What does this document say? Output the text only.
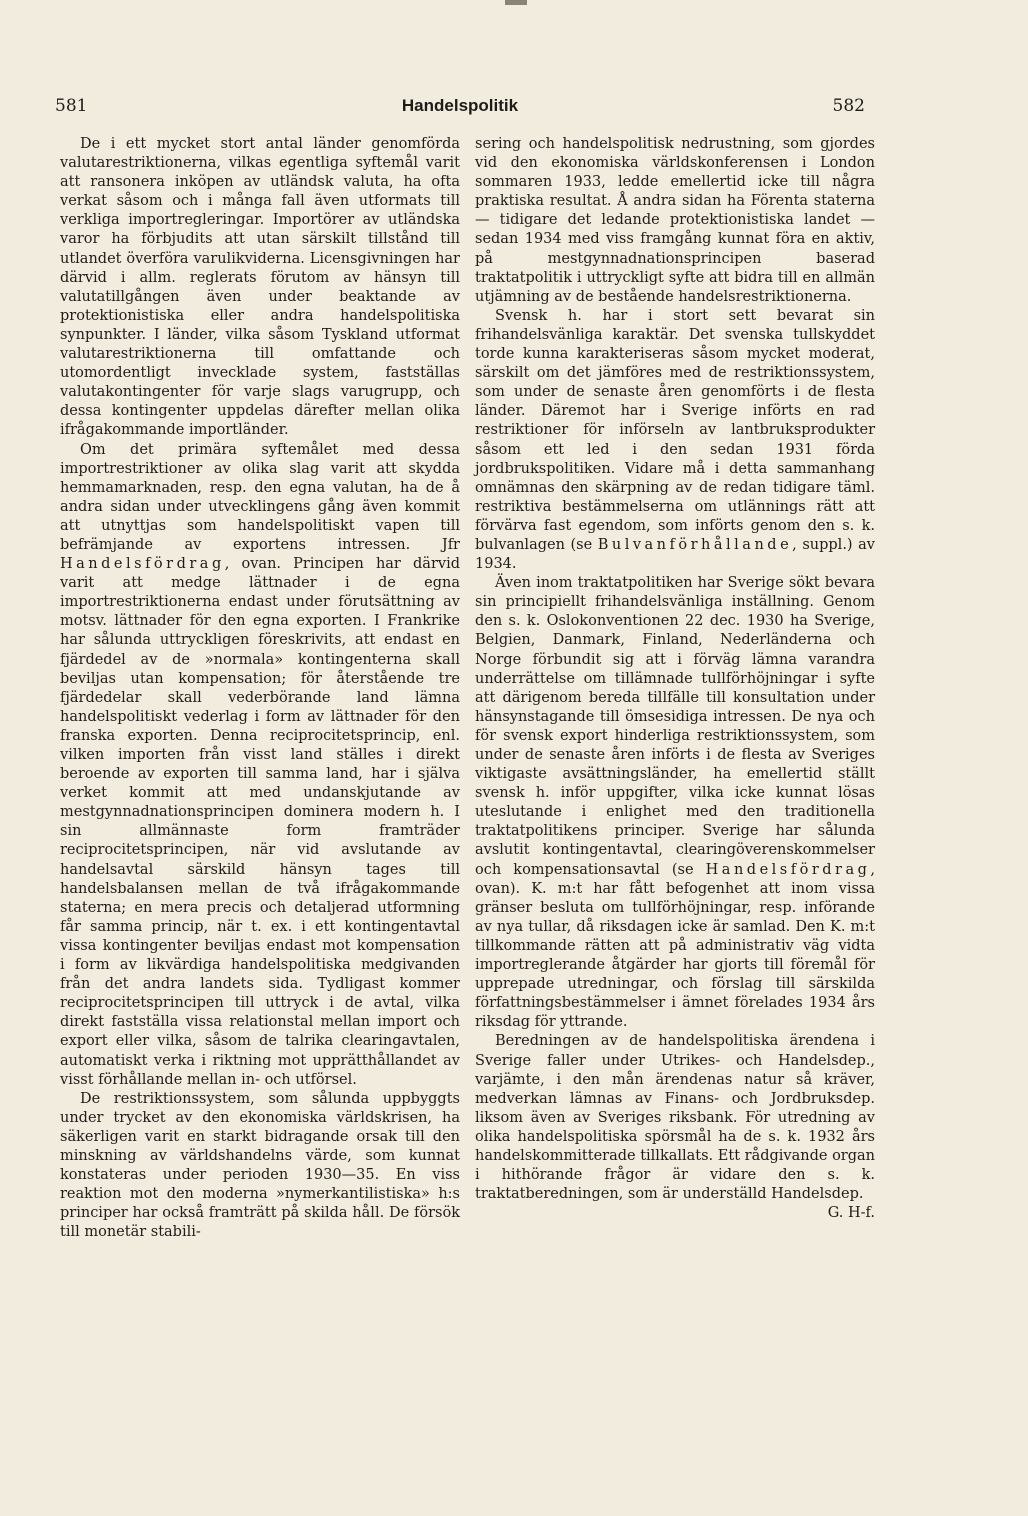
581	Handelspolitik	582

De i ett mycket stort antal länder genomförda valutarestriktionerna, vilkas egentliga syftemål varit att ransonera inköpen av utländsk valuta, ha ofta verkat såsom och i många fall även utformats till verkliga importregleringar. Importörer av utländska varor ha förbjudits att utan särskilt tillstånd till utlandet överföra varulikviderna. Licensgivningen har därvid i allm. reglerats förutom av hänsyn till valutatillgången även under beaktande av protektionistiska eller andra handelspolitiska synpunkter. I länder, vilka såsom Tyskland utformat valutarestriktionerna till omfattande och utomordentligt invecklade system, fastställas valutakontingenter för varje slags varugrupp, och dessa kontingenter uppdelas därefter mellan olika ifrågakommande importländer.

Om det primära syftemålet med dessa importrestriktioner av olika slag varit att skydda hemmamarknaden, resp. den egna valutan, ha de å andra sidan under utvecklingens gång även kommit att utnyttjas som handelspolitiskt vapen till befrämjande av exportens intressen. Jfr Handelsfördrag, ovan. Principen har därvid varit att medge lättnader i de egna importrestriktionerna endast under förutsättning av motsv. lättnader för den egna exporten. I Frankrike har sålunda uttryckligen föreskrivits, att endast en fjärdedel av de »normala» kontingenterna skall beviljas utan kompensation; för återstående tre fjärdedelar skall vederbörande land lämna handelspolitiskt vederlag i form av lättnader för den franska exporten. Denna reciprocitetsprincip, enl. vilken importen från visst land ställes i direkt beroende av exporten till samma land, har i själva verket kommit att med undanskjutande av mestgynnadnationsprincipen dominera modern h. I sin allmännaste form framträder reciprocitetsprincipen, när vid avslutande av handelsavtal särskild hänsyn tages till handelsbalansen mellan de två ifrågakommande staterna; en mera precis och detaljerad utformning får samma princip, när t. ex. i ett kontingentavtal vissa kontingenter beviljas endast mot kompensation i form av likvärdiga handelspolitiska medgivanden från det andra landets sida. Tydligast kommer reciprocitetsprincipen till uttryck i de avtal, vilka direkt fastställa vissa relationstal mellan import och export eller vilka, såsom de talrika clearingavtalen, automatiskt verka i riktning mot upprätthållandet av visst förhållande mellan in- och utförsel.

De restriktionssystem, som sålunda uppbyggts under trycket av den ekonomiska världskrisen, ha säkerligen varit en starkt bidragande orsak till den minskning av världshandelns värde, som kunnat konstateras under perioden 1930—35. En viss reaktion mot den moderna »nymerkantilistiska» h:s principer har också framträtt på skilda håll. De försök till monetär stabili-

sering och handelspolitisk nedrustning, som gjordes vid den ekonomiska världskonferensen i London sommaren 1933, ledde emellertid icke till några praktiska resultat. Å andra sidan ha Förenta staterna — tidigare det ledande protektionistiska landet — sedan 1934 med viss framgång kunnat föra en aktiv, på mestgynnadnationsprincipen baserad traktatpolitik i uttryckligt syfte att bidra till en allmän utjämning av de bestående handelsrestriktionerna.

Svensk h. har i stort sett bevarat sin frihandelsvänliga karaktär. Det svenska tullskyddet torde kunna karakteriseras såsom mycket moderat, särskilt om det jämföres med de restriktionssystem, som under de senaste åren genomförts i de flesta länder. Däremot har i Sverige införts en rad restriktioner för införseln av lantbruksprodukter såsom ett led i den sedan 1931 förda jordbrukspolitiken. Vidare må i detta sammanhang omnämnas den skärpning av de redan tidigare täml. restriktiva bestämmelserna om utlännings rätt att förvärva fast egendom, som införts genom den s. k. bulvanlagen (se Bulvanförhållande, suppl.) av 1934.

Även inom traktatpolitiken har Sverige sökt bevara sin principiellt frihandelsvänliga inställning. Genom den s. k. Oslokonventionen 22 dec. 1930 ha Sverige, Belgien, Danmark, Finland, Nederländerna och Norge förbundit sig att i förväg lämna varandra underrättelse om tillämnade tullförhöjningar i syfte att därigenom bereda tillfälle till konsultation under hänsynstagande till ömsesidiga intressen. De nya och för svensk export hinderliga restriktionssystem, som under de senaste åren införts i de flesta av Sveriges viktigaste avsättningsländer, ha emellertid ställt svensk h. inför uppgifter, vilka icke kunnat lösas uteslutande i enlighet med den traditionella traktatpolitikens principer. Sverige har sålunda avslutit kontingentavtal, clearingöverenskommelser och kompensationsavtal (se Handelsfördrag, ovan). K. m:t har fått befogenhet att inom vissa gränser besluta om tullförhöjningar, resp. införande av nya tullar, då riksdagen icke är samlad. Den K. m:t tillkommande rätten att på administrativ väg vidta importreglerande åtgärder har gjorts till föremål för upprepade utredningar, och förslag till särskilda författningsbestämmelser i ämnet förelades 1934 års riksdag för yttrande.

Beredningen av de handelspolitiska ärendena i Sverige faller under Utrikes- och Handelsdep., varjämte, i den mån ärendenas natur så kräver, medverkan lämnas av Finans- och Jordbruksdep. liksom även av Sveriges riksbank. För utredning av olika handelspolitiska spörsmål ha de s. k. 1932 års handelskommitterade tillkallats. Ett rådgivande organ i hithörande frågor är vidare den s. k. traktatberedningen, som är underställd Handelsdep.
G. H-f.
